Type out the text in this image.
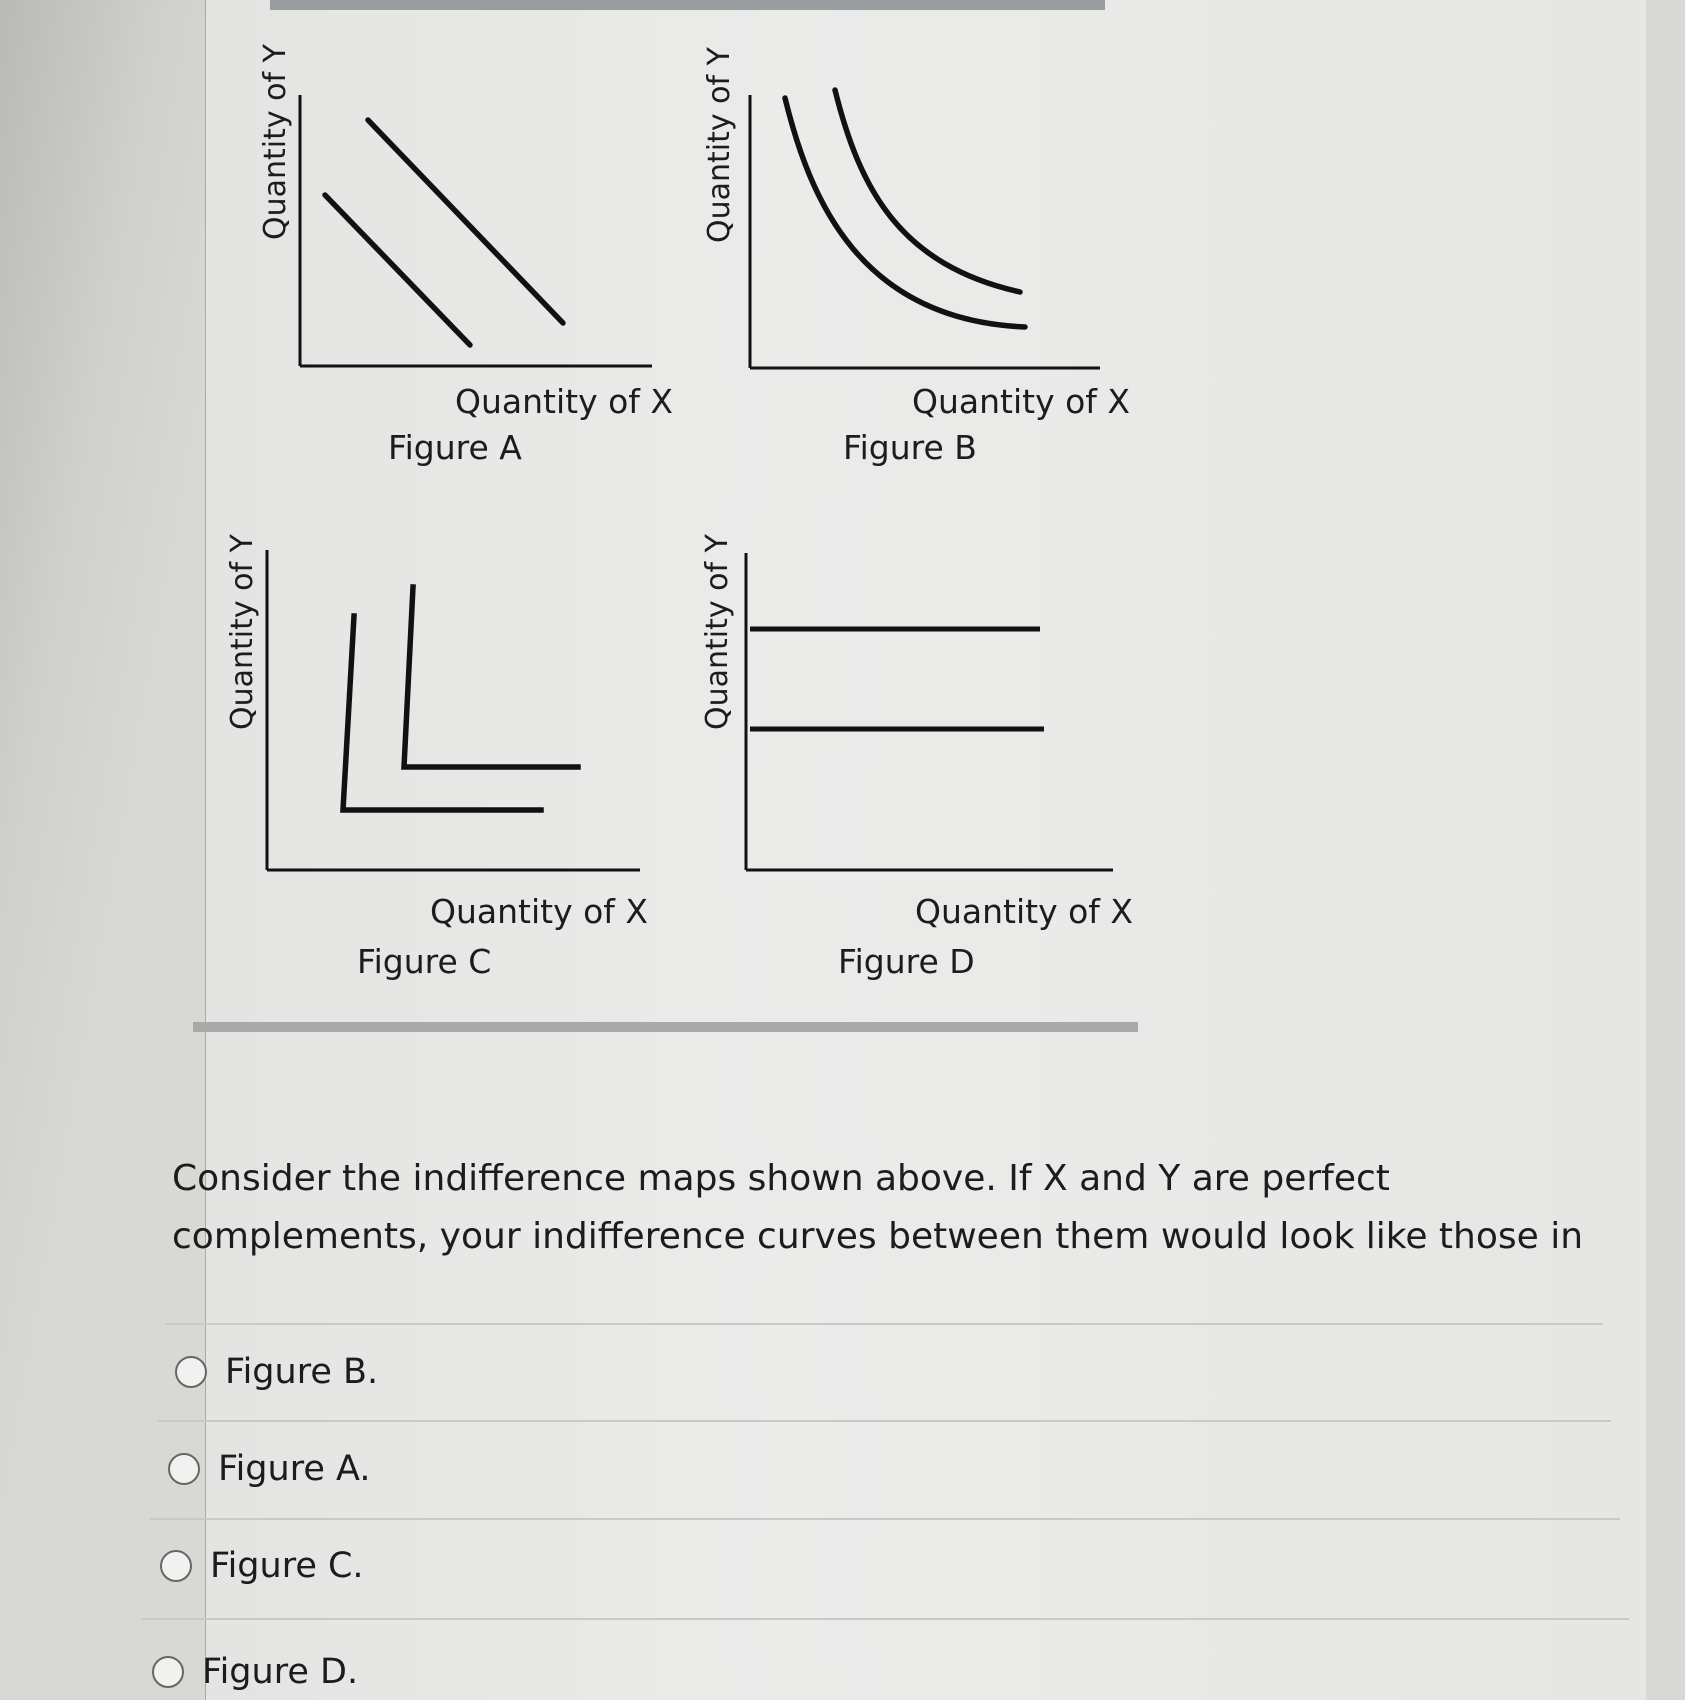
Quantity of Y
Quantity of X
Figure A
Quantity of Y
Quantity of X
Figure B
Quantity of Y
Quantity of X
Figure C
Quantity of Y
Quantity of X
Figure D
Consider the indifference maps shown above. If X and Y are perfect complements, your indifference curves between them would look like those in
Figure B.
Figure A.
Figure C.
Figure D.
